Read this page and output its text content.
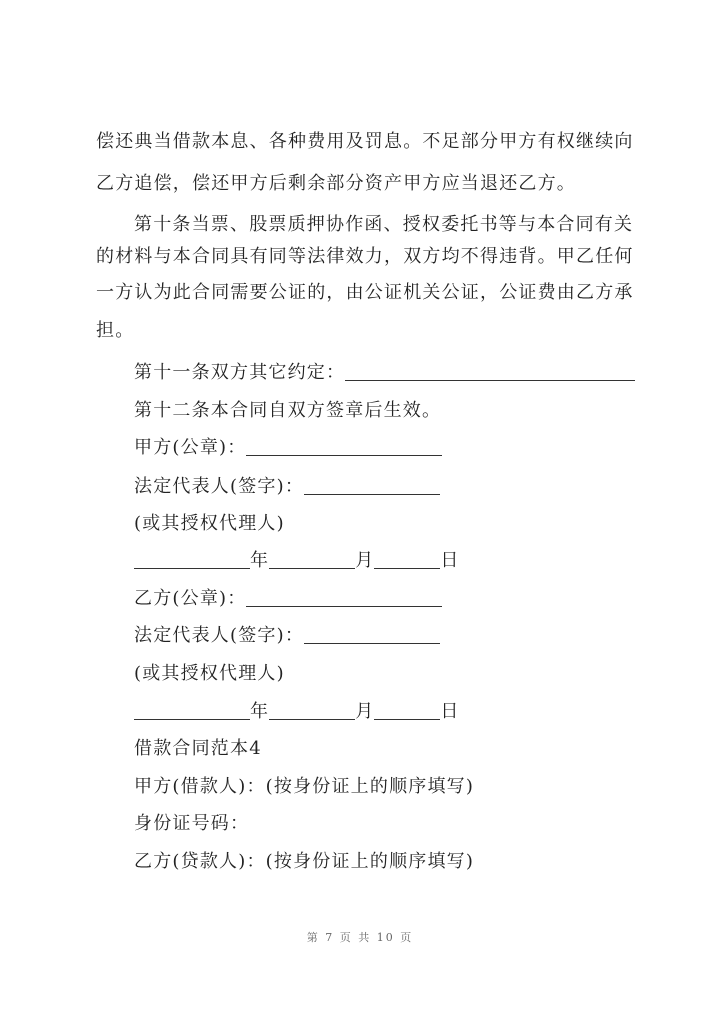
偿还典当借款本息、各种费用及罚息。不足部分甲方有权继续向
乙方追偿，偿还甲方后剩余部分资产甲方应当退还乙方。
第十条当票、股票质押协作函、授权委托书等与本合同有关
的材料与本合同具有同等法律效力，双方均不得违背。甲乙任何
一方认为此合同需要公证的，由公证机关公证，公证费由乙方承
担。
第十一条双方其它约定：
第十二条本合同自双方签章后生效。
甲方(公章)：
法定代表人(签字)：
(或其授权代理人)
年	月	日
乙方(公章)：
法定代表人(签字)：
(或其授权代理人)
年	月	日
借款合同范本4
甲方(借款人)：(按身份证上的顺序填写)
身份证号码：
乙方(贷款人)：(按身份证上的顺序填写)
第 7 页 共 10 页
